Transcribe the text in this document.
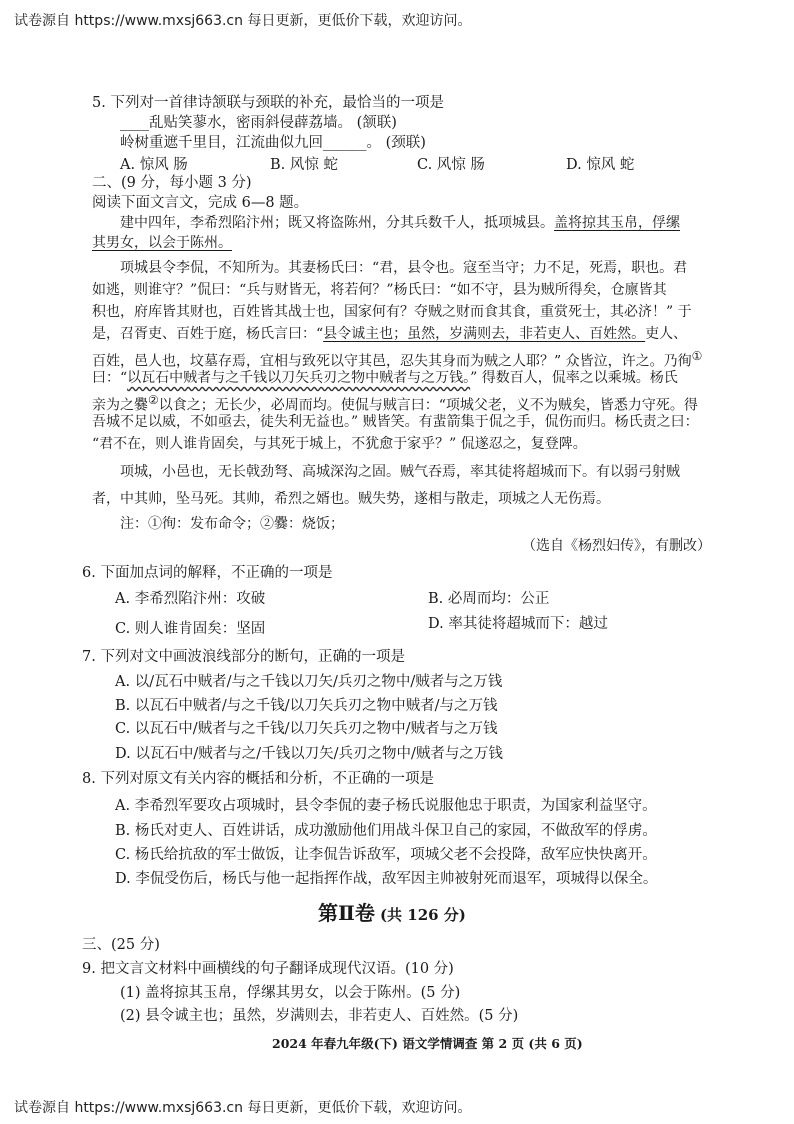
试卷源自 https://www.mxsj663.cn 每日更新，更低价下载，欢迎访问。
5. 下列对一首律诗颔联与颈联的补充，最恰当的一项是
____乱贴笑蓼水，密雨斜侵薜荔墙。 (颔联)
岭树重遮千里目，江流曲似九回______。 (颈联)
A. 惊风 肠	B. 风惊 蛇	C. 风惊 肠	D. 惊风 蛇
二、(9 分，每小题 3 分)
阅读下面文言文，完成 6—8 题。
建中四年，李希烈陷汴州；既又将盗陈州，分其兵数千人，抵项城县。盖将掠其玉帛，俘缧
其男女，以会于陈州。
项城县令李侃，不知所为。其妻杨氏曰：“君，县令也。寇至当守；力不足，死焉，职也。君
如逃，则谁守？”侃曰：“兵与财皆无，将若何？”杨氏曰：“如不守，县为贼所得矣，仓廪皆其
积也，府库皆其财也，百姓皆其战士也，国家何有？夺贼之财而食其食，重赏死士，其必济！” 于
是，召胥吏、百姓于庭，杨氏言曰：“县令诚主也；虽然，岁满则去，非若吏人、百姓然。吏人、
百姓，邑人也，坟墓存焉，宜相与致死以守其邑，忍失其身而为贼之人耶？” 众皆泣，许之。乃徇①
曰：“以瓦石中贼者与之千钱以刀矢兵刃之物中贼者与之万钱。” 得数百人，侃率之以乘城。杨氏
亲为之爨②以食之；无长少，必周而均。使侃与贼言曰：“项城父老，义不为贼矣，皆悉力守死。得
吾城不足以威，不如亟去，徒失利无益也。” 贼皆笑。有蜚箭集于侃之手，侃伤而归。杨氏责之曰：
“君不在，则人谁肯固矣，与其死于城上，不犹愈于家乎？” 侃遂忍之，复登陴。
项城，小邑也，无长戟劲弩、高城深沟之固。贼气吞焉，率其徒将超城而下。有以弱弓射贼
者，中其帅，坠马死。其帅，希烈之婿也。贼失势，遂相与散走，项城之人无伤焉。
注：①徇：发布命令；②爨：烧饭；
（选自《杨烈妇传》，有删改）
6. 下面加点词的解释，不正确的一项是
A. 李希烈陷汴州：攻破	B. 必周而均：公正
C. 则人谁肯固矣：坚固	D. 率其徒将超城而下：越过
7. 下列对文中画波浪线部分的断句，正确的一项是
A. 以/瓦石中贼者/与之千钱以刀矢/兵刃之物中/贼者与之万钱
B. 以瓦石中贼者/与之千钱/以刀矢兵刃之物中贼者/与之万钱
C. 以瓦石中/贼者与之千钱/以刀矢兵刃之物中/贼者与之万钱
D. 以瓦石中/贼者与之/千钱以刀矢/兵刃之物中/贼者与之万钱
8. 下列对原文有关内容的概括和分析，不正确的一项是
A. 李希烈军要攻占项城时，县令李侃的妻子杨氏说服他忠于职责，为国家利益坚守。
B. 杨氏对吏人、百姓讲话，成功激励他们用战斗保卫自己的家园，不做敌军的俘虏。
C. 杨氏给抗敌的军士做饭，让李侃告诉敌军，项城父老不会投降，敌军应快快离开。
D. 李侃受伤后，杨氏与他一起指挥作战，敌军因主帅被射死而退军，项城得以保全。
第Ⅱ卷 (共 126 分)
三、(25 分)
9. 把文言文材料中画横线的句子翻译成现代汉语。(10 分)
(1) 盖将掠其玉帛，俘缧其男女，以会于陈州。(5 分)
(2) 县令诚主也；虽然，岁满则去，非若吏人、百姓然。(5 分)
2024 年春九年级(下) 语文学情调查 第 2 页 (共 6 页)
试卷源自 https://www.mxsj663.cn 每日更新，更低价下载，欢迎访问。
